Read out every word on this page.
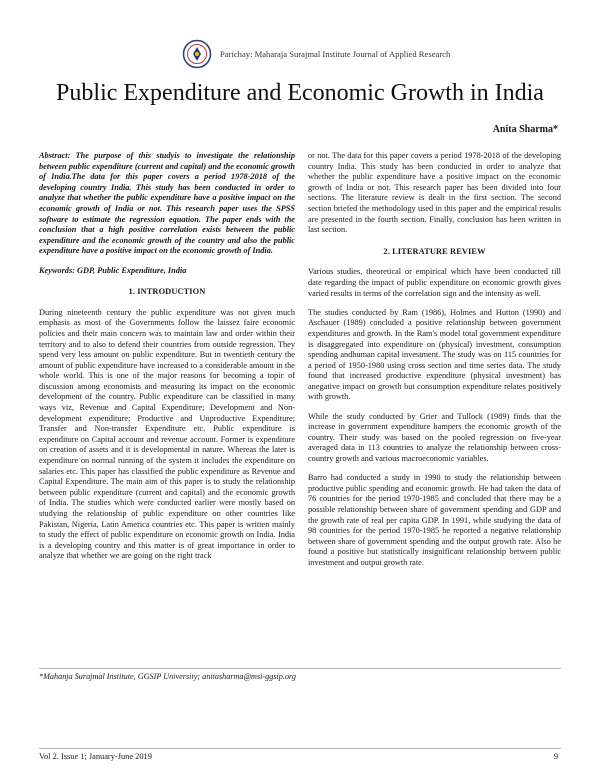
Parichay: Maharaja Surajmal Institute Journal of Applied Research
Public Expenditure and Economic Growth in India
Anita Sharma*

Abstract: The purpose of this studyis to investigate the relationship between public expenditure (current and capital) and the economic growth of India.The data for this paper covers a period 1978-2018 of the developing country India. This study has been conducted in order to analyze that whether the public expenditure have a positive impact on the economic growth of India or not. This research paper uses the SPSS software to estimate the regression equation. The paper ends with the conclusion that a high positive correlation exists between the public expenditure and the economic growth of the country and also the public expenditure have a positive impact on the economic growth of India.

Keywords: GDP, Public Expenditure, India

1. INTRODUCTION

During nineteenth century the public expenditure was not given much emphasis as most of the Governments follow the laissez faire economic policies and their main concern was to maintain law and order within their territory and to also to defend their countries from outside regression. They spend very less amount on public expenditure. But in twentieth century the amount of public expenditure have increased to a considerable amount in the whole world. This is one of the major reasons for becoming a topic of discussion among economists and measuring its impact on the economic development of the country. Public expenditure can be classified in many ways viz, Revenue and Capital Expenditure; Development and Non-development expenditure; Productive and Unproductive Expenditure; Transfer and Non-transfer Expenditure etc. Public expenditure is expenditure on Capital account and revenue account. Former is expenditure on creation of assets and it is developmental in nature. Whereas the later is expenditure on normal running of the system it includes the expenditure on salaries etc. This paper has classified the public expenditure as Revenue and Capital Expenditure. The main aim of this paper is to study the relationship between public expenditure (current and capital) and the economic growth of India. The studies which were conducted earlier were mostly based on studying the relationship of public expenditure on other countries like Pakistan, Nigeria, Latin America countries etc. This paper is written mainly to study the effect of public expenditure on economic growth on India. India is a developing country and this matter is of great importance in order to analyze that whether we are going on the right track

or not. The data for this paper covers a period 1978-2018 of the developing country India. This study has been conducted in order to analyze that whether the public expenditure have a positive impact on the economic growth of India or not. This research paper has been divided into four sections. The literature review is dealt in the first section. The second section briefed the methodology used in this paper and the empirical results are presented in the fourth section. Finally, conclusion has been written in last section.

2. LITERATURE REVIEW

Various studies, theoretical or empirical which have been conducted till date regarding the impact of public expenditure on economic growth gives varied results in terms of the correlation sign and the intensity as well.

The studies conducted by Ram (1986), Holmes and Hutton (1990) and Aschauer (1989) concluded a positive relationship between government expenditures and growth. In the Ram's model total government expenditure is disaggregated into expenditure on (physical) investment, consumption spending andhuman capital investment. The study was on 115 countries for a period of 1950-1980 using cross section and time series data. The study found that increased productive expenditure (physical investment) has anegative impact on growth but consumption expenditure relates positively with growth.

While the study conducted by Grier and Tullock (1989) finds that the increase in government expenditure hampers the economic growth of the country. Their study was based on the pooled regression on five-year averaged data in 113 countries to analyze the relationship between cross-country growth and various macroeconomic variables.

Barro had conducted a study in 1990 to study the relationship between productive public spending and economic growth. He had taken the data of 76 countries for the period 1970-1985 and concluded that there may be a possible relationship between share of government spending and GDP and the growth rate of real per capita GDP. In 1991, while studying the data of 98 countries for the period 1970-1985 he reported a negative relationship between share of government spending and the output growth rate. Also he found a positive but statistically insignificant relationship between public investment and output growth rate.

*Mahanja Surajmal Institute, GGSIP University; anitasharma@msi-ggsip.org
Vol 2. Issue 1; January-June 2019	9
